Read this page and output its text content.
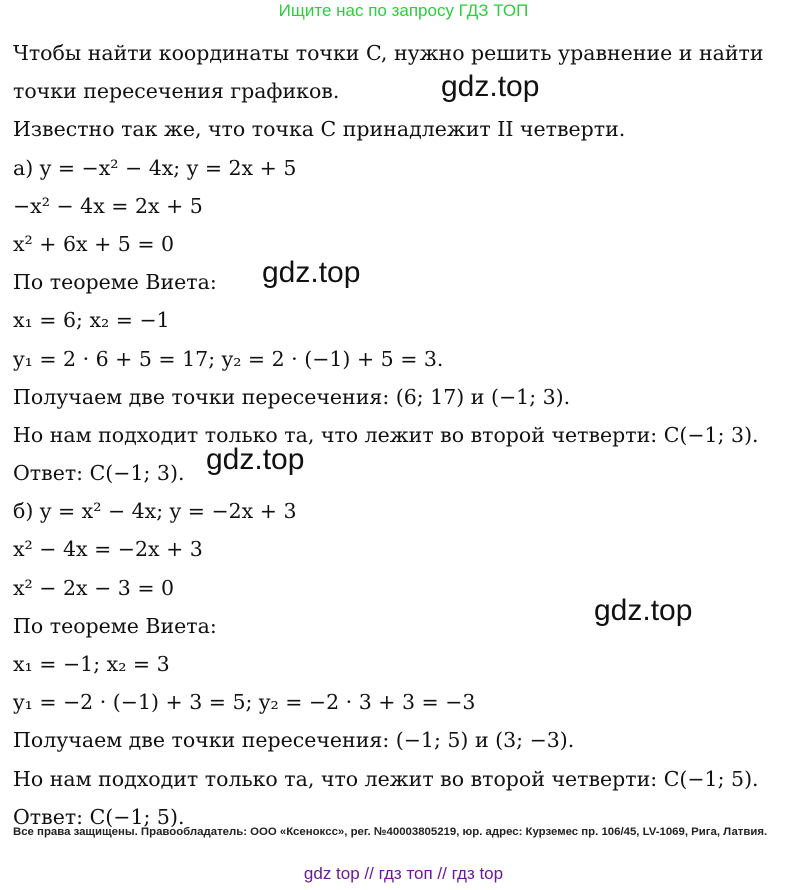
Ищите нас по запросу ГДЗ ТОП
Чтобы найти координаты точки C, нужно решить уравнение и найти
точки пересечения графиков.
Известно так же, что точка C принадлежит II четверти.
а) y = −x² − 4x; y = 2x + 5
−x² − 4x = 2x + 5
x² + 6x + 5 = 0
По теореме Виета:
x₁ = 6; x₂ = −1
y₁ = 2 · 6 + 5 = 17; y₂ = 2 · (−1) + 5 = 3.
Получаем две точки пересечения: (6; 17) и (−1; 3).
Но нам подходит только та, что лежит во второй четверти: C(−1; 3).
Ответ: C(−1; 3).
б) y = x² − 4x; y = −2x + 3
x² − 4x = −2x + 3
x² − 2x − 3 = 0
По теореме Виета:
x₁ = −1; x₂ = 3
y₁ = −2 · (−1) + 3 = 5; y₂ = −2 · 3 + 3 = −3
Получаем две точки пересечения: (−1; 5) и (3; −3).
Но нам подходит только та, что лежит во второй четверти: C(−1; 5).
Ответ: C(−1; 5).
gdz.top
gdz.top
gdz.top
gdz.top
Все права защищены. Правообладатель: ООО «Ксенокcс», рег. №40003805219, юр. адрес: Курземес пр. 106/45, LV-1069, Рига, Латвия.
gdz top // гдз топ // гдз top
